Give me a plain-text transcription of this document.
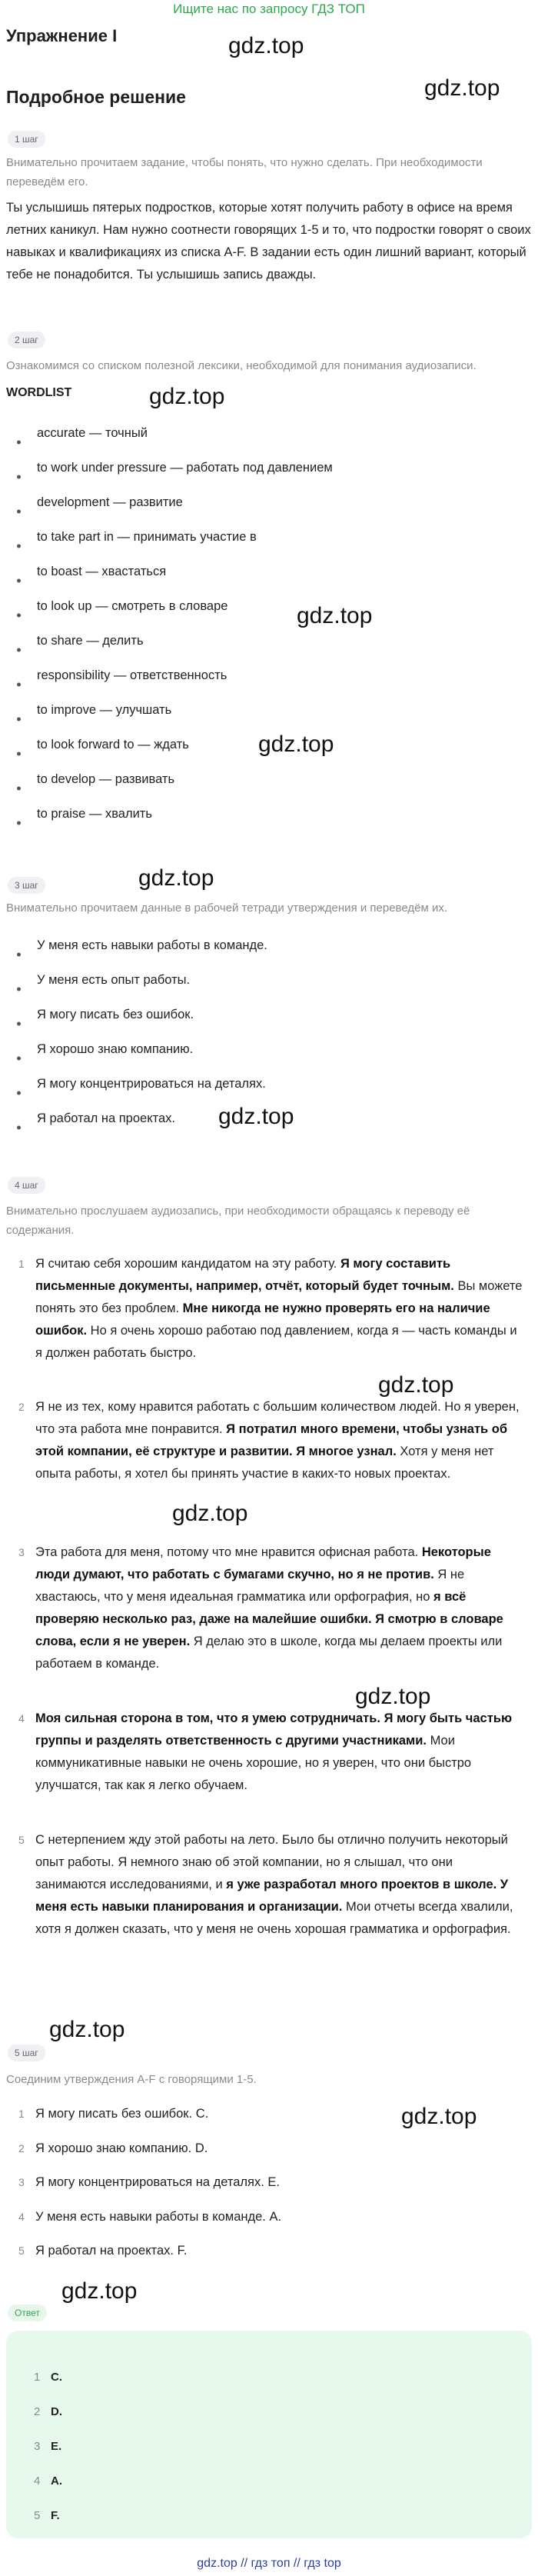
Ищите нас по запросу ГДЗ ТОП
Упражнение I
Подробное решение
gdz.top
gdz.top
gdz.top
gdz.top
gdz.top
gdz.top
gdz.top
gdz.top
gdz.top
gdz.top
gdz.top
gdz.top
gdz.top
1 шаг
Внимательно прочитаем задание, чтобы понять, что нужно сделать. При необходимости переведём его.
Ты услышишь пятерых подростков, которые хотят получить работу в офисе на время летних каникул. Нам нужно соотнести говорящих 1-5 и то, что подростки говорят о своих навыках и квалификациях из списка A-F. В задании есть один лишний вариант, который тебе не понадобится. Ты услышишь запись дважды.
2 шаг
Ознакомимся со списком полезной лексики, необходимой для понимания аудиозаписи.
WORDLIST
accurate — точный
to work under pressure — работать под давлением
development — развитие
to take part in — принимать участие в
to boast — хвастаться
to look up — смотреть в словаре
to share — делить
responsibility — ответственность
to improve — улучшать
to look forward to — ждать
to develop — развивать
to praise — хвалить
3 шаг
Внимательно прочитаем данные в рабочей тетради утверждения и переведём их.
У меня есть навыки работы в команде.
У меня есть опыт работы.
Я могу писать без ошибок.
Я хорошо знаю компанию.
Я могу концентрироваться на деталях.
Я работал на проектах.
4 шаг
Внимательно прослушаем аудиозапись, при необходимости обращаясь к переводу её содержания.
1 Я считаю себя хорошим кандидатом на эту работу. Я могу составить письменные документы, например, отчёт, который будет точным. Вы можете понять это без проблем. Мне никогда не нужно проверять его на наличие ошибок. Но я очень хорошо работаю под давлением, когда я — часть команды и я должен работать быстро.
2 Я не из тех, кому нравится работать с большим количеством людей. Но я уверен, что эта работа мне понравится. Я потратил много времени, чтобы узнать об этой компании, её структуре и развитии. Я многое узнал. Хотя у меня нет опыта работы, я хотел бы принять участие в каких-то новых проектах.
3 Эта работа для меня, потому что мне нравится офисная работа. Некоторые люди думают, что работать с бумагами скучно, но я не против. Я не хвастаюсь, что у меня идеальная грамматика или орфография, но я всё проверяю несколько раз, даже на малейшие ошибки. Я смотрю в словаре слова, если я не уверен. Я делаю это в школе, когда мы делаем проекты или работаем в команде.
4 Моя сильная сторона в том, что я умею сотрудничать. Я могу быть частью группы и разделять ответственность с другими участниками. Мои коммуникативные навыки не очень хорошие, но я уверен, что они быстро улучшатся, так как я легко обучаем.
5 С нетерпением жду этой работы на лето. Было бы отлично получить некоторый опыт работы. Я немного знаю об этой компании, но я слышал, что они занимаются исследованиями, и я уже разработал много проектов в школе. У меня есть навыки планирования и организации. Мои отчеты всегда хвалили, хотя я должен сказать, что у меня не очень хорошая грамматика и орфография.
5 шаг
Соединим утверждения A-F с говорящими 1-5.
1 Я могу писать без ошибок. C.
2 Я хорошо знаю компанию. D.
3 Я могу концентрироваться на деталях. E.
4 У меня есть навыки работы в команде. A.
5 Я работал на проектах. F.
Ответ
1 C.
2 D.
3 E.
4 A.
5 F.
gdz.top // гдз топ // гдз top
